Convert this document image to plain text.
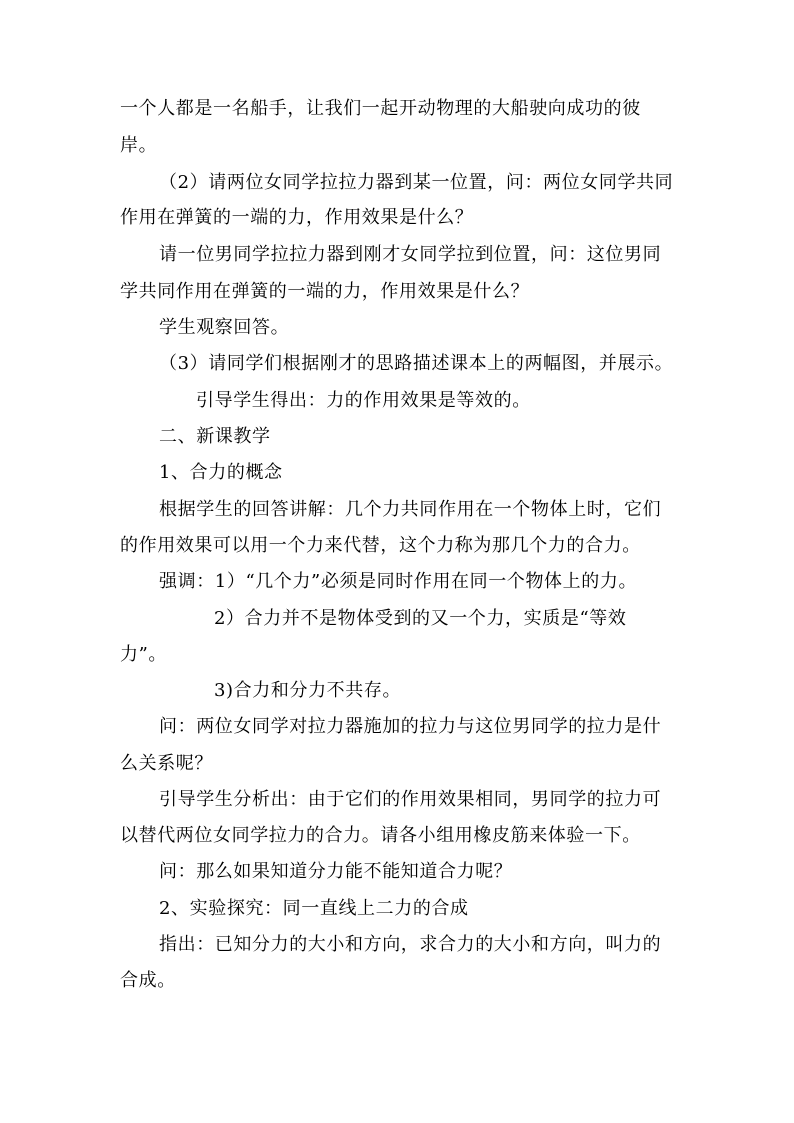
一个人都是一名船手，让我们一起开动物理的大船驶向成功的彼
岸。
（2）请两位女同学拉拉力器到某一位置，问：两位女同学共同
作用在弹簧的一端的力，作用效果是什么？
请一位男同学拉拉力器到刚才女同学拉到位置，问：这位男同
学共同作用在弹簧的一端的力，作用效果是什么？
学生观察回答。
（3）请同学们根据刚才的思路描述课本上的两幅图，并展示。
引导学生得出：力的作用效果是等效的。
二、新课教学
1、合力的概念
根据学生的回答讲解：几个力共同作用在一个物体上时，它们
的作用效果可以用一个力来代替，这个力称为那几个力的合力。
强调：1）“几个力”必须是同时作用在同一个物体上的力。
2）合力并不是物体受到的又一个力，实质是“等效
力”。
3)合力和分力不共存。
问：两位女同学对拉力器施加的拉力与这位男同学的拉力是什
么关系呢？
引导学生分析出：由于它们的作用效果相同，男同学的拉力可
以替代两位女同学拉力的合力。请各小组用橡皮筋来体验一下。
问：那么如果知道分力能不能知道合力呢？
2、实验探究：同一直线上二力的合成
指出：已知分力的大小和方向，求合力的大小和方向，叫力的
合成。
